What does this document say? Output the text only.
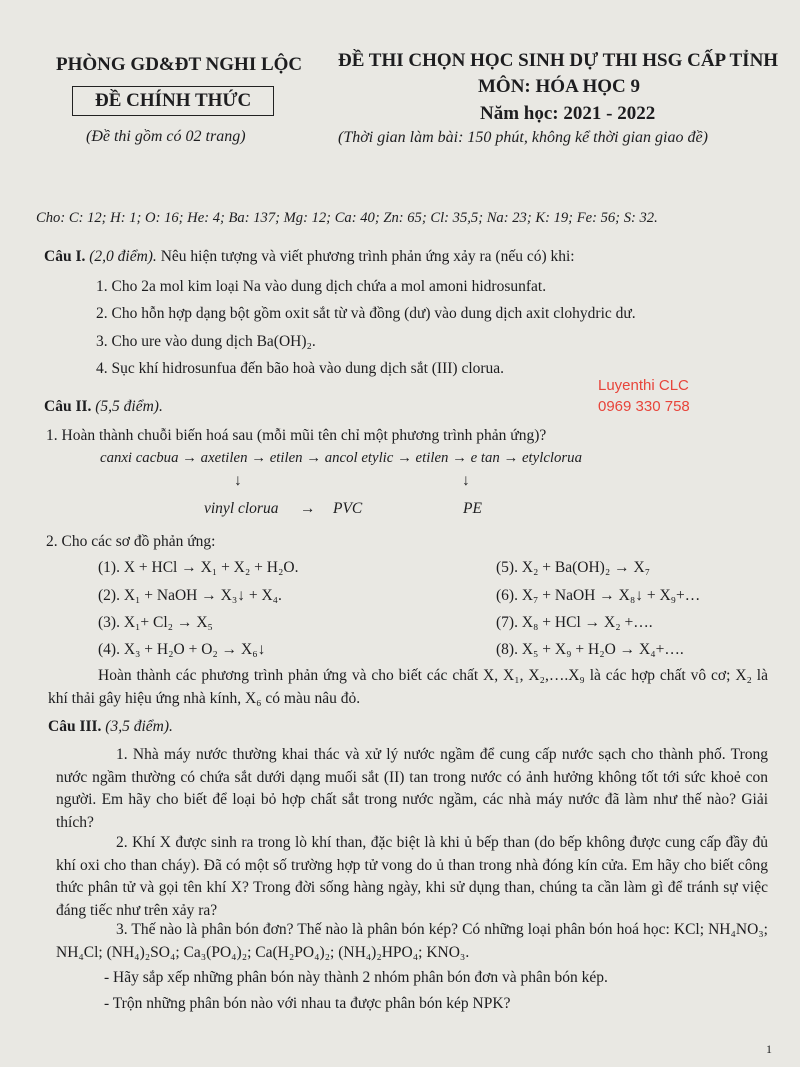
PHÒNG GD&ĐT NGHI LỘC
ĐỀ CHÍNH THỨC
(Đề thi gồm có 02 trang)
ĐỀ THI CHỌN HỌC SINH DỰ THI HSG CẤP TỈNH
MÔN: HÓA HỌC 9
Năm học: 2021 - 2022
(Thời gian làm bài: 150 phút, không kể thời gian giao đề)
Cho: C: 12; H: 1; O: 16; He: 4; Ba: 137; Mg: 12; Ca: 40; Zn: 65; Cl: 35,5; Na: 23; K: 19; Fe: 56; S: 32.
Câu I. (2,0 điểm). Nêu hiện tượng và viết phương trình phản ứng xảy ra (nếu có) khi:
1. Cho 2a mol kim loại Na vào dung dịch chứa a mol amoni hidrosunfat.
2. Cho hỗn hợp dạng bột gồm oxit sắt từ và đồng (dư) vào dung dịch axit clohydric dư.
3. Cho ure vào dung dịch Ba(OH)₂.
4. Sục khí hidrosunfua đến bão hoà vào dung dịch sắt (III) clorua.
Luyenthi CLC
0969 330 758
Câu II. (5,5 điểm).
1. Hoàn thành chuỗi biến hoá sau (mỗi mũi tên chỉ một phương trình phản ứng)?
canxi cacbua → axetilen → etilen → ancol etylic → etilen → e tan → etylclorua
↓	↓
vinyl clorua → PVC	PE
2. Cho các sơ đồ phản ứng:
(1). X + HCl → X₁ + X₂ + H₂O.
(2). X₁ + NaOH → X₃↓ + X₄.
(3). X₁+ Cl₂ → X₅
(4). X₃ + H₂O + O₂ → X₆↓
(5). X₂ + Ba(OH)₂ → X₇
(6). X₇ + NaOH → X₈↓ + X₉+…
(7). X₈ + HCl → X₂ +….
(8). X₅ + X₉ + H₂O → X₄+….
Hoàn thành các phương trình phản ứng và cho biết các chất X, X₁, X₂,….X₉ là các hợp chất vô cơ; X₂ là khí thải gây hiệu ứng nhà kính, X₆ có màu nâu đỏ.
Câu III. (3,5 điểm).
1. Nhà máy nước thường khai thác và xử lý nước ngầm để cung cấp nước sạch cho thành phố. Trong nước ngầm thường có chứa sắt dưới dạng muối sắt (II) tan trong nước có ảnh hưởng không tốt tới sức khoẻ con người. Em hãy cho biết để loại bỏ hợp chất sắt trong nước ngầm, các nhà máy nước đã làm như thế nào? Giải thích?
2. Khí X được sinh ra trong lò khí than, đặc biệt là khi ủ bếp than (do bếp không được cung cấp đầy đủ khí oxi cho than cháy). Đã có một số trường hợp tử vong do ủ than trong nhà đóng kín cửa. Em hãy cho biết công thức phân tử và gọi tên khí X? Trong đời sống hàng ngày, khi sử dụng than, chúng ta cần làm gì để tránh sự việc đáng tiếc như trên xảy ra?
3. Thế nào là phân bón đơn? Thế nào là phân bón kép? Có những loại phân bón hoá học: KCl; NH₄NO₃; NH₄Cl; (NH₄)₂SO₄; Ca₃(PO₄)₂; Ca(H₂PO₄)₂; (NH₄)₂HPO₄; KNO₃.
- Hãy sắp xếp những phân bón này thành 2 nhóm phân bón đơn và phân bón kép.
- Trộn những phân bón nào với nhau ta được phân bón kép NPK?
1
